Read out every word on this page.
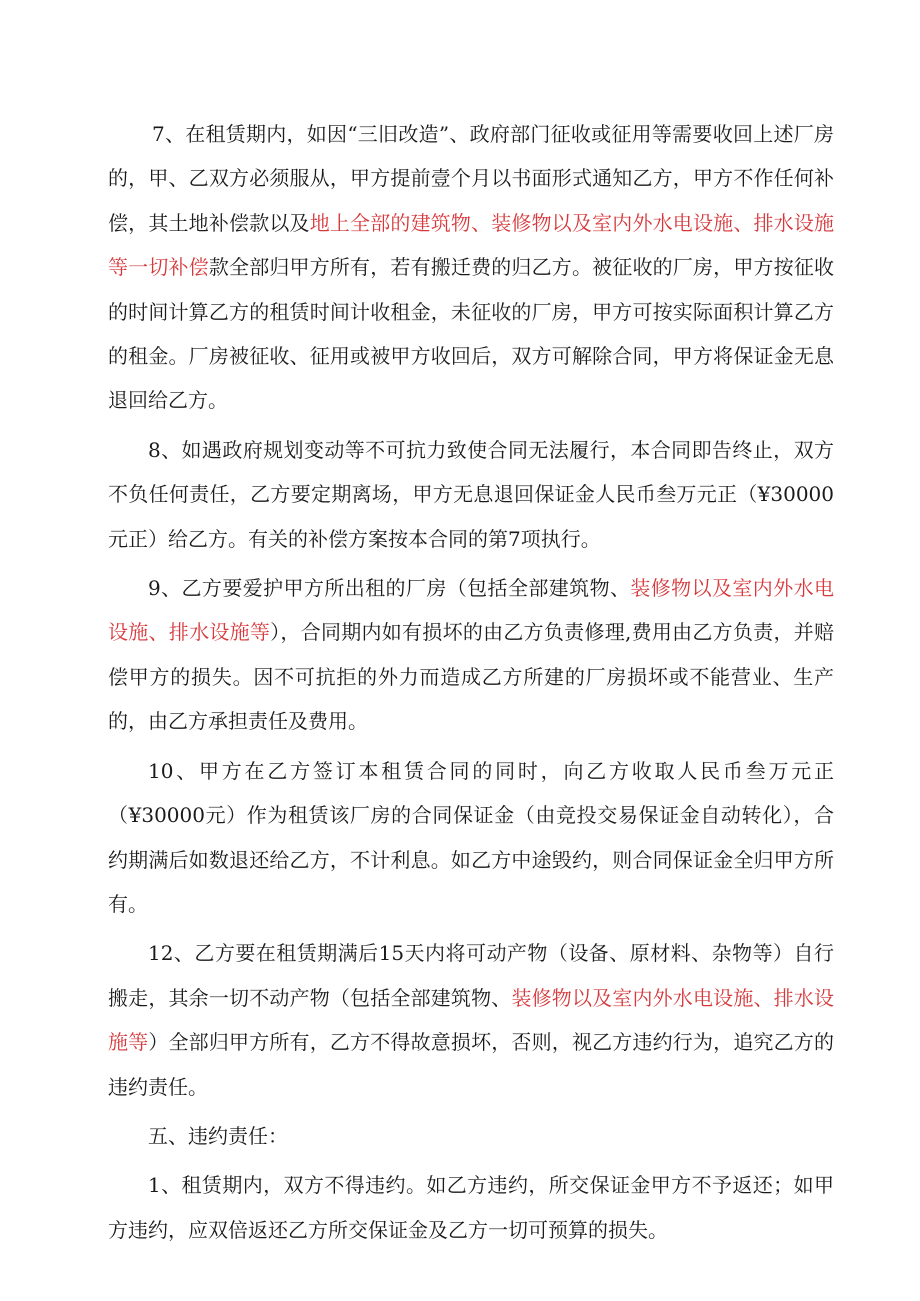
7、在租赁期内，如因“三旧改造”、政府部门征收或征用等需要收回上述厂房的，甲、乙双方必须服从，甲方提前壹个月以书面形式通知乙方，甲方不作任何补偿，其土地补偿款以及地上全部的建筑物、装修物以及室内外水电设施、排水设施等一切补偿款全部归甲方所有，若有搬迁费的归乙方。被征收的厂房，甲方按征收的时间计算乙方的租赁时间计收租金，未征收的厂房，甲方可按实际面积计算乙方的租金。厂房被征收、征用或被甲方收回后，双方可解除合同，甲方将保证金无息退回给乙方。

8、如遇政府规划变动等不可抗力致使合同无法履行，本合同即告终止，双方不负任何责任，乙方要定期离场，甲方无息退回保证金人民币叁万元正（¥30000元正）给乙方。有关的补偿方案按本合同的第7项执行。

9、乙方要爱护甲方所出租的厂房（包括全部建筑物、装修物以及室内外水电设施、排水设施等），合同期内如有损坏的由乙方负责修理,费用由乙方负责，并赔偿甲方的损失。因不可抗拒的外力而造成乙方所建的厂房损坏或不能营业、生产的，由乙方承担责任及费用。

10、甲方在乙方签订本租赁合同的同时，向乙方收取人民币叁万元正（¥30000元）作为租赁该厂房的合同保证金（由竞投交易保证金自动转化），合约期满后如数退还给乙方，不计利息。如乙方中途毁约，则合同保证金全归甲方所有。

12、乙方要在租赁期满后15天内将可动产物（设备、原材料、杂物等）自行搬走，其余一切不动产物（包括全部建筑物、装修物以及室内外水电设施、排水设施等）全部归甲方所有，乙方不得故意损坏，否则，视乙方违约行为，追究乙方的违约责任。

五、违约责任：

1、租赁期内，双方不得违约。如乙方违约，所交保证金甲方不予返还；如甲方违约，应双倍返还乙方所交保证金及乙方一切可预算的损失。
